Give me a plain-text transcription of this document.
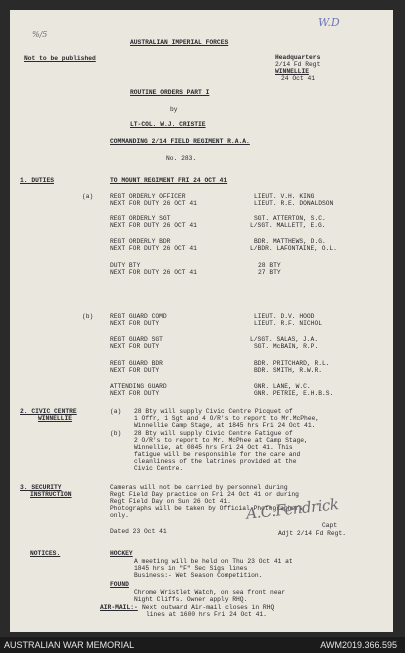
%/5
W.D
AUSTRALIAN IMPERIAL FORCES
Not to be published	Headquarters
2/14 Fd Regt
WINNELLIE
24 Oct 41
ROUTINE ORDERS PART I
by
LT-COL. W.J. CRISTIE
COMMANDING 2/14 FIELD REGIMENT R.A.A.
No. 283.
1. DUTIES	TO MOUNT REGIMENT FRI 24 OCT 41
(a)
(b)
REGT ORDERLY OFFICER	LIEUT. V.H. KING
NEXT FOR DUTY 26 OCT 41	LIEUT. R.E. DONALDSON
REGT ORDERLY SGT	SGT. ATTERTON, S.C.
NEXT FOR DUTY 26 OCT 41	L/SGT. MALLETT, E.G.
REGT ORDERLY BDR	BDR. MATTHEWS, D.G.
NEXT FOR DUTY 26 OCT 41	L/BDR. LAFONTAINE, O.L.
DUTY BTY	28 BTY
NEXT FOR DUTY 26 OCT 41	27 BTY
REGT GUARD COMD	LIEUT. D.V. HOOD
NEXT FOR DUTY	LIEUT. R.F. NICHOL
REGT GUARD SGT	L/SGT. SALAS, J.A.
NEXT FOR DUTY	SGT. McBAIN, R.P.
REGT GUARD BDR	BDR. PRITCHARD, R.L.
NEXT FOR DUTY	BDR. SMITH, R.W.R.
ATTENDING GUARD	GNR. LANE, W.C.
NEXT FOR DUTY	GNR. PETRIE, E.H.B.S.
2. CIVIC CENTRE
WINNELLIE
(a) 28 Bty will supply Civic Centre Picquet of
1 Offr, 1 Sgt and 4 O/R's to report to Mr.McPhee,
Winnellie Camp Stage, at 1845 hrs Fri 24 Oct 41.
(b) 28 Bty will supply Civic Centre Fatigue of
2 O/R's to report to Mr. McPhee at Camp Stage,
Winnellie, at 0845 hrs Fri 24 Oct 41. This
fatigue will be responsible for the care and
cleanliness of the latrines provided at the
Civic Centre.
3. SECURITY
INSTRUCTION
Cameras will not be carried by personnel during
Regt Field Day practice on Fri 24 Oct 41 or during
Regt Field Day on Sun 26 Oct 41.
Photographs will be taken by Official Photographers
only.
Dated 23 Oct 41
A.C.Fendrick
Capt
Adjt 2/14 Fd Regt.
NOTICES.	HOCKEY
A meeting will be held on Thu 23 Oct 41 at
1845 hrs in "F" Sec Sigs lines
Business:- Wet Season Competition.
FOUND
Chrome Wristlet Watch, on sea front near
Night Cliffs. Owner apply RHQ.
AIR-MAIL:- Next outward Air-mail closes in RHQ
lines at 1600 hrs Fri 24 Oct 41.
AUSTRALIAN WAR MEMORIAL	AWM2019.366.595
